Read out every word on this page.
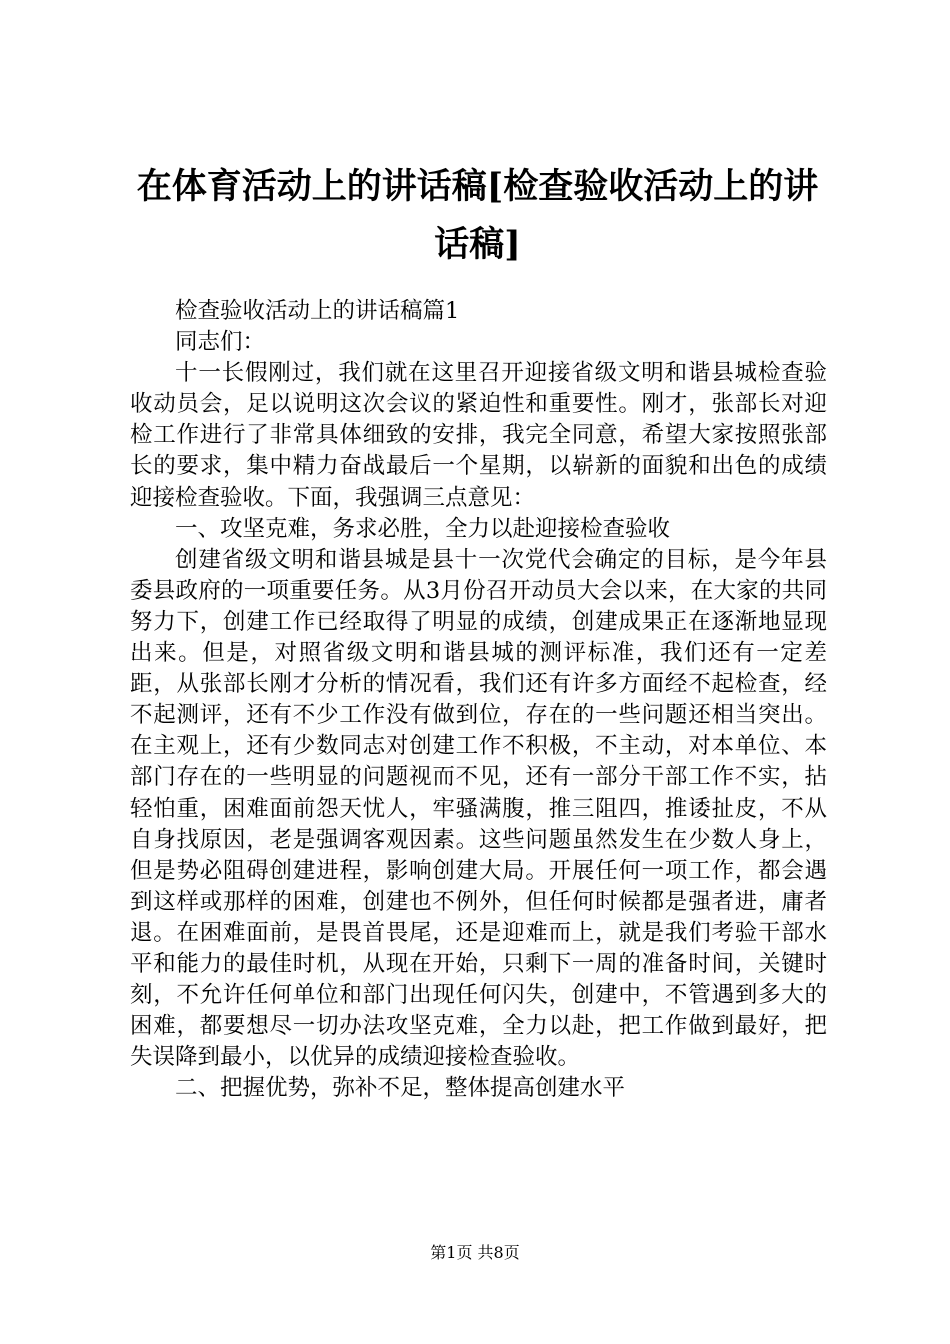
在体育活动上的讲话稿[检查验收活动上的讲话稿]

检查验收活动上的讲话稿篇1

同志们：

十一长假刚过，我们就在这里召开迎接省级文明和谐县城检查验收动员会，足以说明这次会议的紧迫性和重要性。刚才，张部长对迎检工作进行了非常具体细致的安排，我完全同意，希望大家按照张部长的要求，集中精力奋战最后一个星期，以崭新的面貌和出色的成绩迎接检查验收。下面，我强调三点意见：

一、攻坚克难，务求必胜，全力以赴迎接检查验收

创建省级文明和谐县城是县十一次党代会确定的目标，是今年县委县政府的一项重要任务。从3月份召开动员大会以来，在大家的共同努力下，创建工作已经取得了明显的成绩，创建成果正在逐渐地显现出来。但是，对照省级文明和谐县城的测评标准，我们还有一定差距，从张部长刚才分析的情况看，我们还有许多方面经不起检查，经不起测评，还有不少工作没有做到位，存在的一些问题还相当突出。在主观上，还有少数同志对创建工作不积极，不主动，对本单位、本部门存在的一些明显的问题视而不见，还有一部分干部工作不实，拈轻怕重，困难面前怨天忧人，牢骚满腹，推三阻四，推诿扯皮，不从自身找原因，老是强调客观因素。这些问题虽然发生在少数人身上，但是势必阻碍创建进程，影响创建大局。开展任何一项工作，都会遇到这样或那样的困难，创建也不例外，但任何时候都是强者进，庸者退。在困难面前，是畏首畏尾，还是迎难而上，就是我们考验干部水平和能力的最佳时机，从现在开始，只剩下一周的准备时间，关键时刻，不允许任何单位和部门出现任何闪失，创建中，不管遇到多大的困难，都要想尽一切办法攻坚克难，全力以赴，把工作做到最好，把失误降到最小，以优异的成绩迎接检查验收。

二、把握优势，弥补不足，整体提高创建水平

第1页 共8页
